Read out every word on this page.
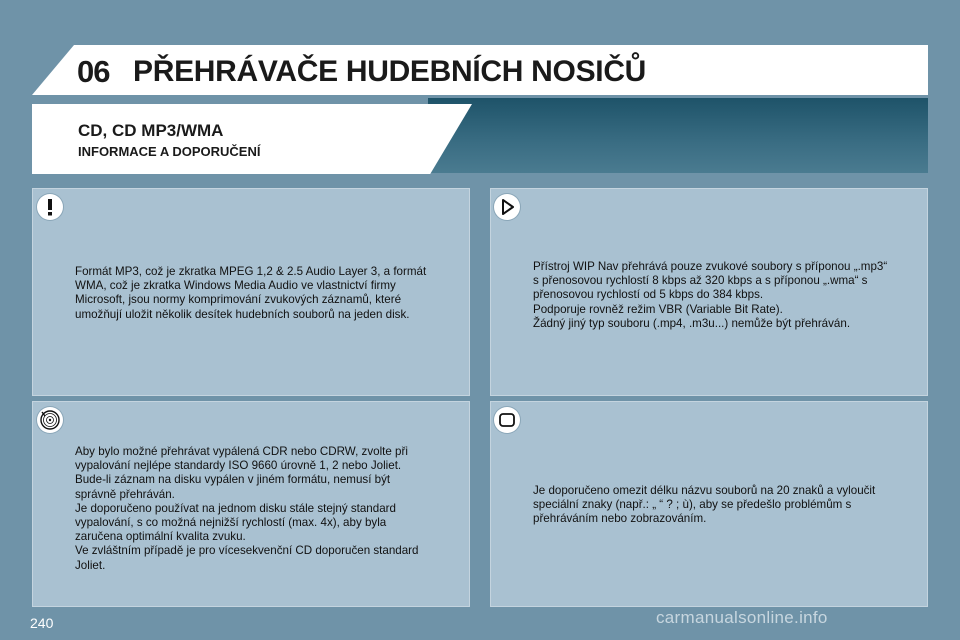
06 PŘEHRÁVAČE HUDEBNÍCH NOSIČŮ
CD, CD MP3/WMA
INFORMACE A DOPORUČENÍ

Formát MP3, což je zkratka MPEG 1,2 & 2.5 Audio Layer 3, a formát
WMA, což je zkratka Windows Media Audio ve vlastnictví firmy
Microsoft, jsou normy komprimování zvukových záznamů, které
umožňují uložit několik desítek hudebních souborů na jeden disk.

Přístroj WIP Nav přehrává pouze zvukové soubory s příponou „.mp3“
s přenosovou rychlostí 8 kbps až 320 kbps a s příponou „.wma“ s
přenosovou rychlostí od 5 kbps do 384 kbps.
Podporuje rovněž režim VBR (Variable Bit Rate).
Žádný jiný typ souboru (.mp4, .m3u...) nemůže být přehráván.

Aby bylo možné přehrávat vypálená CDR nebo CDRW, zvolte při
vypalování nejlépe standardy ISO 9660 úrovně 1, 2 nebo Joliet.
Bude-li záznam na disku vypálen v jiném formátu, nemusí být
správně přehráván.
Je doporučeno používat na jednom disku stále stejný standard
vypalování, s co možná nejnižší rychlostí (max. 4x), aby byla
zaručena optimální kvalita zvuku.
Ve zvláštním případě je pro vícesekvenční CD doporučen standard
Joliet.

Je doporučeno omezit délku názvu souborů na 20 znaků a vyloučit
speciální znaky (např.: „ “ ? ; ù), aby se předešlo problémům s
přehráváním nebo zobrazováním.

240	carmanualsonline.info
